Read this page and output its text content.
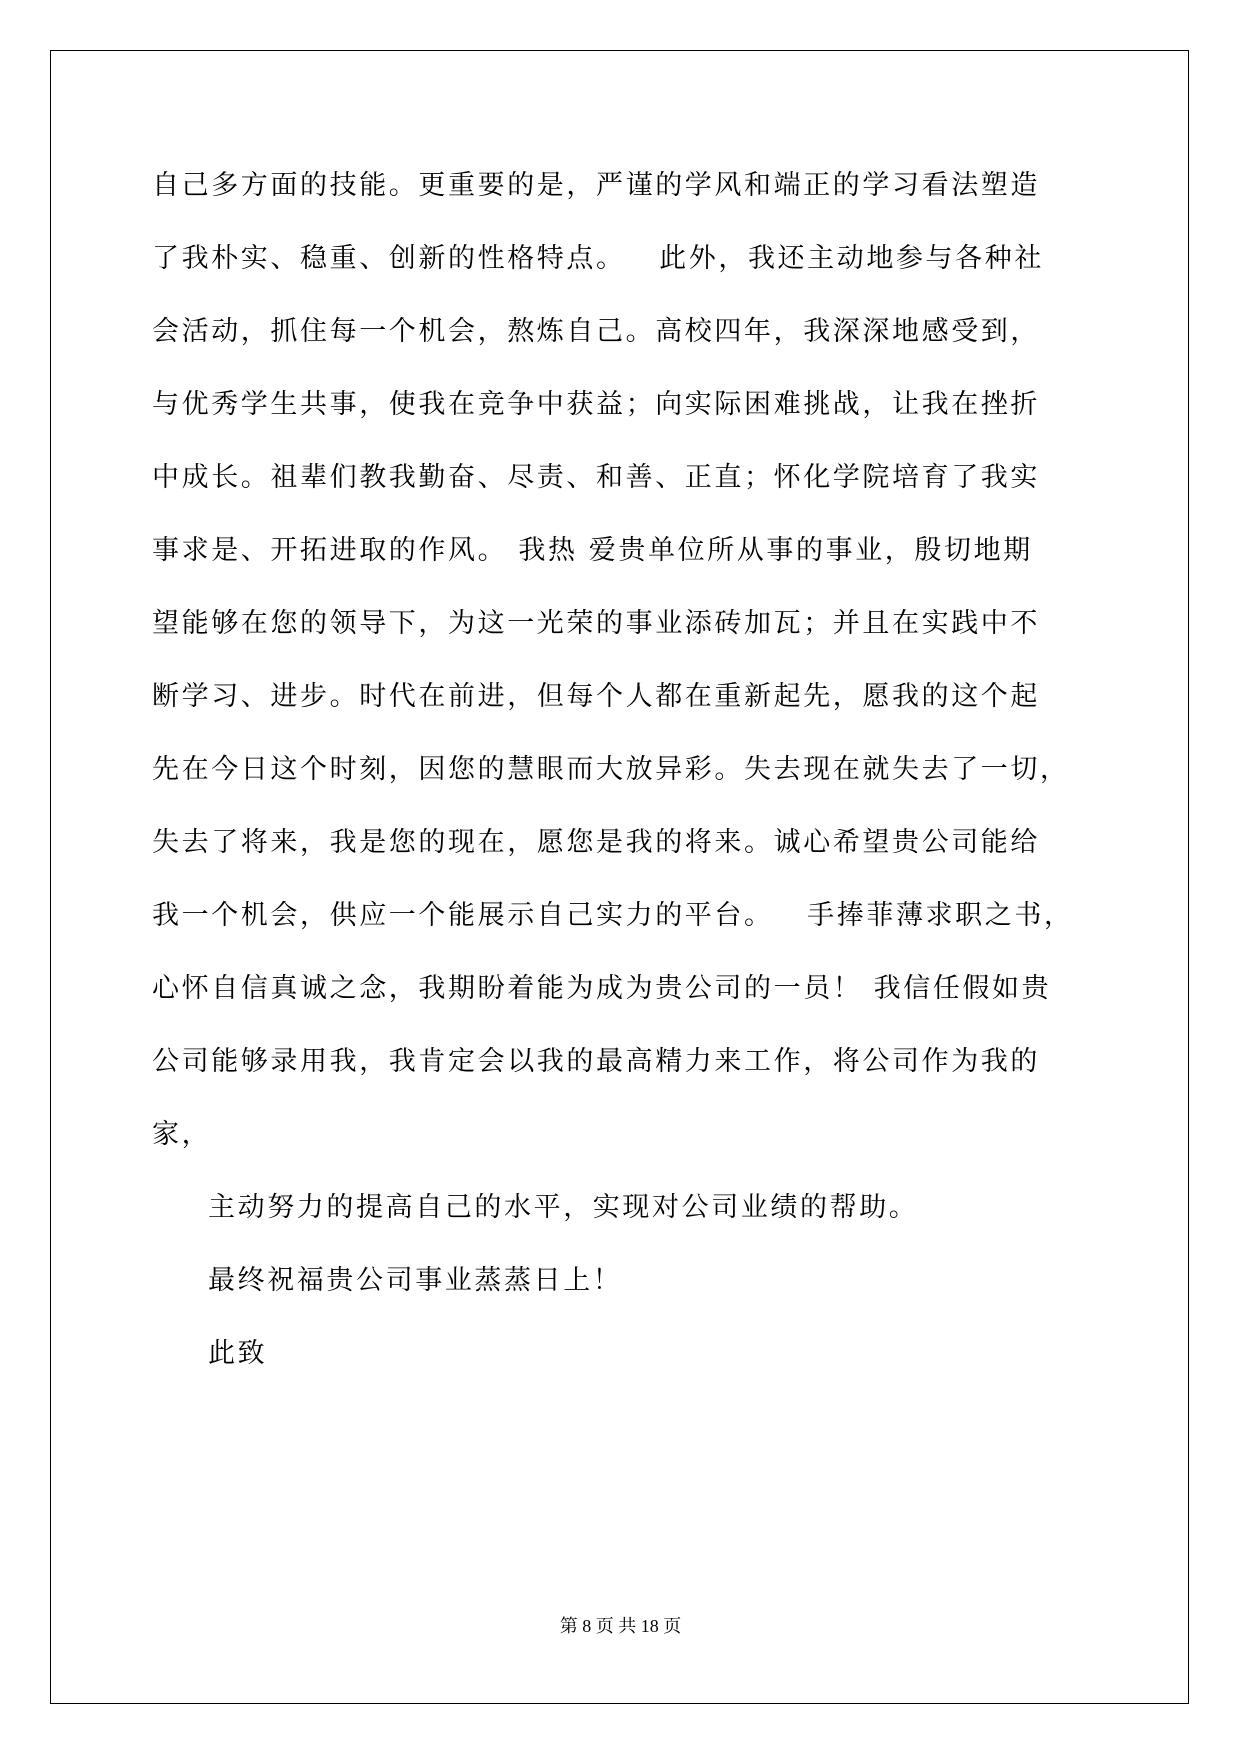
自己多方面的技能。更重要的是，严谨的学风和端正的学习看法塑造
了我朴实、稳重、创新的性格特点。   此外，我还主动地参与各种社
会活动，抓住每一个机会，熬炼自己。高校四年，我深深地感受到，
与优秀学生共事，使我在竞争中获益；向实际困难挑战，让我在挫折
中成长。祖辈们教我勤奋、尽责、和善、正直；怀化学院培育了我实
事求是、开拓进取的作风。 我热 爱贵单位所从事的事业，殷切地期
望能够在您的领导下，为这一光荣的事业添砖加瓦；并且在实践中不
断学习、进步。时代在前进，但每个人都在重新起先，愿我的这个起
先在今日这个时刻，因您的慧眼而大放异彩。失去现在就失去了一切，
失去了将来，我是您的现在，愿您是我的将来。诚心希望贵公司能给
我一个机会，供应一个能展示自己实力的平台。   手捧菲薄求职之书，
心怀自信真诚之念，我期盼着能为成为贵公司的一员！ 我信任假如贵
公司能够录用我，我肯定会以我的最高精力来工作，将公司作为我的
家，
主动努力的提高自己的水平，实现对公司业绩的帮助。
最终祝福贵公司事业蒸蒸日上！
此致
第 8 页 共 18 页
